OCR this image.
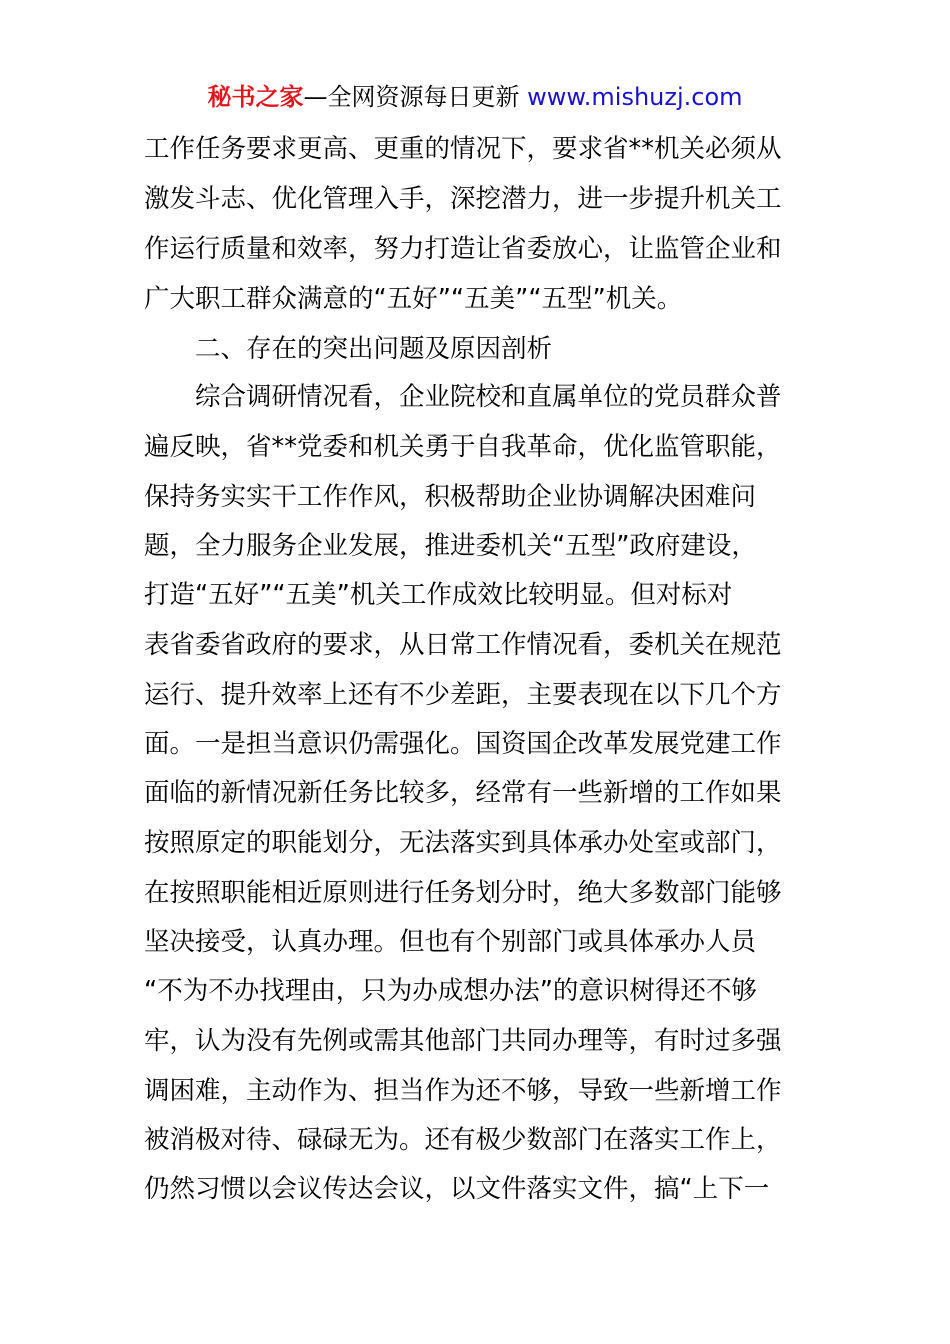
秘书之家—全网资源每日更新 www.mishuzj.com
工作任务要求更高、更重的情况下，要求省**机关必须从
激发斗志、优化管理入手，深挖潜力，进一步提升机关工
作运行质量和效率，努力打造让省委放心，让监管企业和
广大职工群众满意的“五好”“五美”“五型”机关。
　　二、存在的突出问题及原因剖析
　　综合调研情况看，企业院校和直属单位的党员群众普
遍反映，省**党委和机关勇于自我革命，优化监管职能，
保持务实实干工作作风，积极帮助企业协调解决困难问
题，全力服务企业发展，推进委机关“五型”政府建设，
打造“五好”“五美”机关工作成效比较明显。但对标对
表省委省政府的要求，从日常工作情况看，委机关在规范
运行、提升效率上还有不少差距，主要表现在以下几个方
面。一是担当意识仍需强化。国资国企改革发展党建工作
面临的新情况新任务比较多，经常有一些新增的工作如果
按照原定的职能划分，无法落实到具体承办处室或部门，
在按照职能相近原则进行任务划分时，绝大多数部门能够
坚决接受，认真办理。但也有个别部门或具体承办人员
“不为不办找理由，只为办成想办法”的意识树得还不够
牢，认为没有先例或需其他部门共同办理等，有时过多强
调困难，主动作为、担当作为还不够，导致一些新增工作
被消极对待、碌碌无为。还有极少数部门在落实工作上，
仍然习惯以会议传达会议，以文件落实文件，搞“上下一
